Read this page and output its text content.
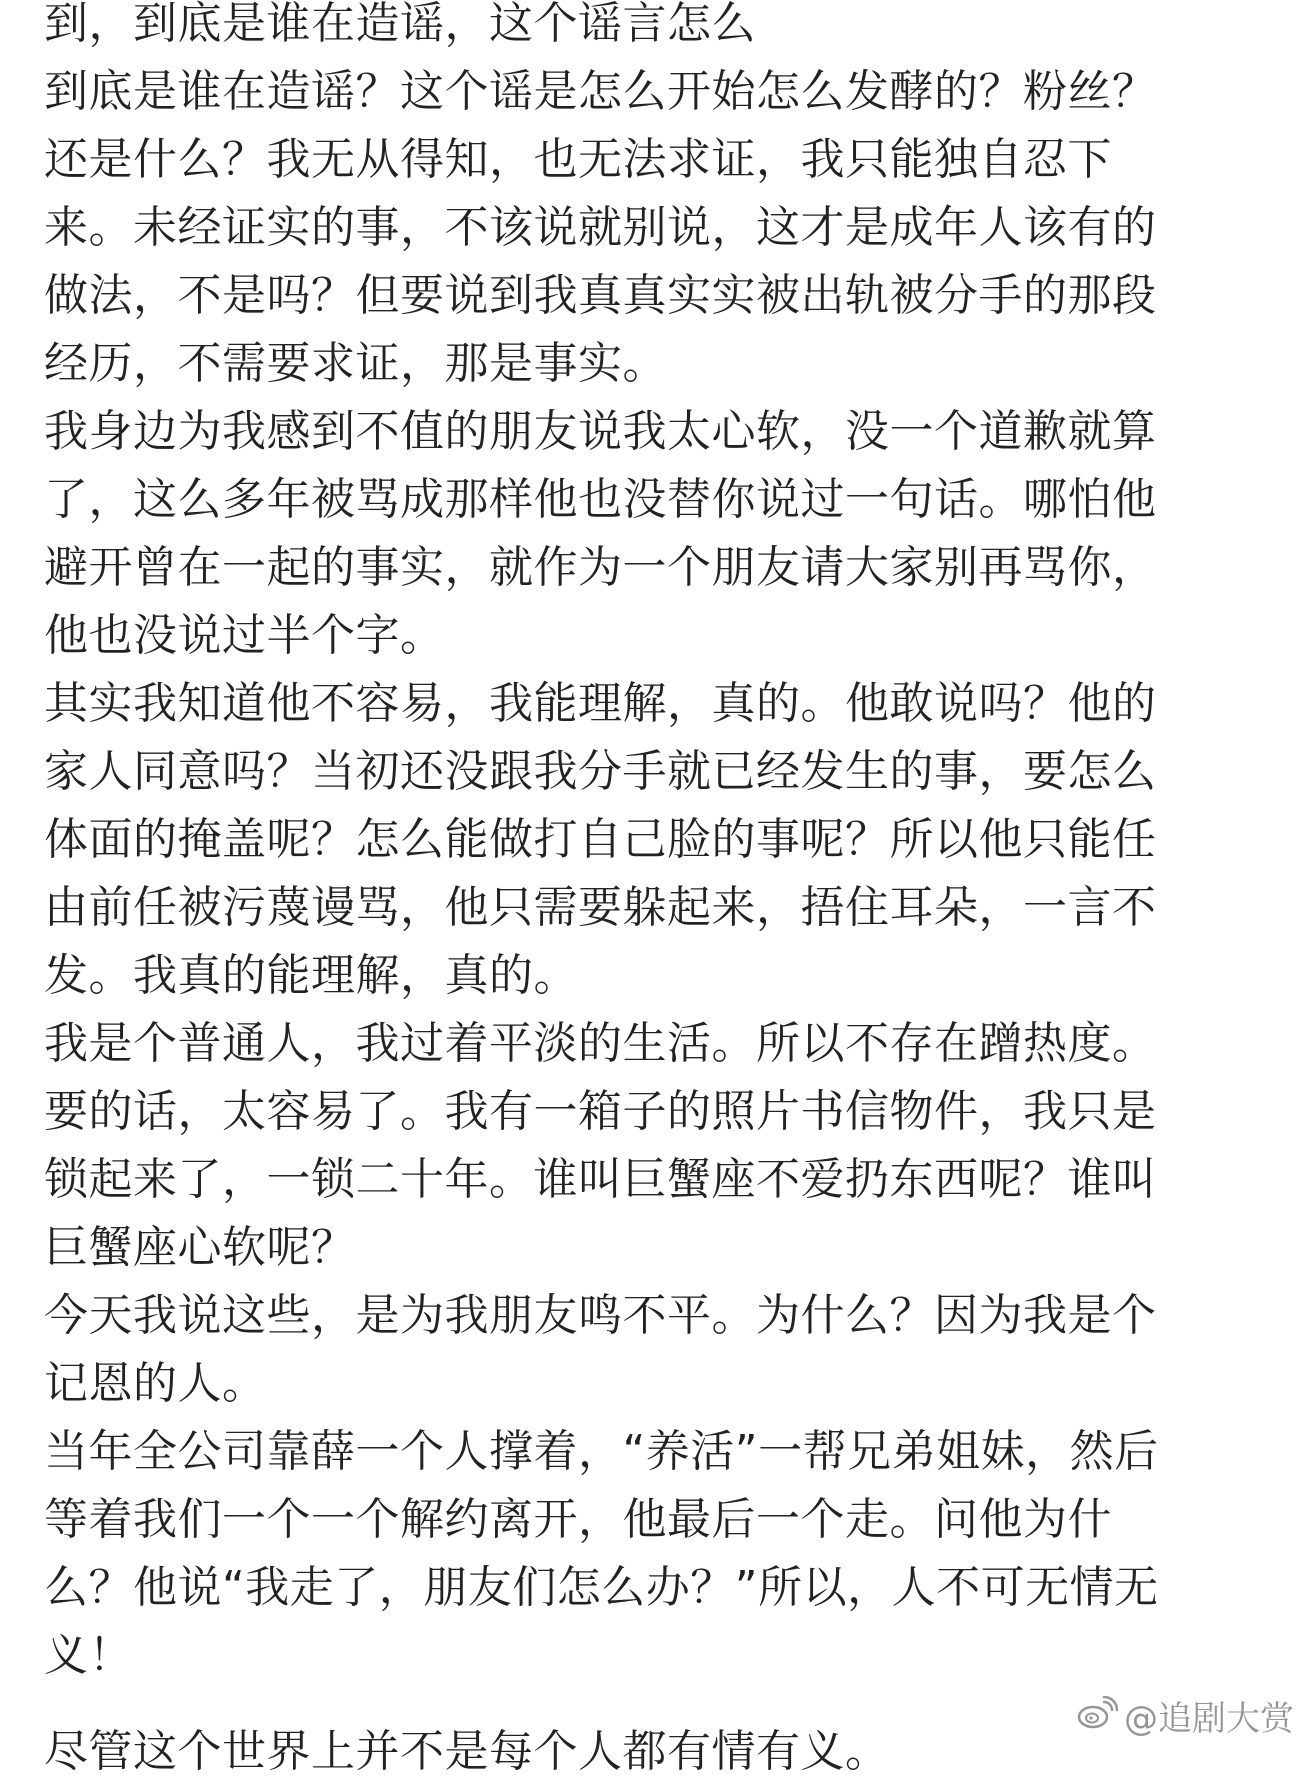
到，到底是谁在造谣，这个谣言怎么
到底是谁在造谣？这个谣是怎么开始怎么发酵的？粉丝？
还是什么？我无从得知，也无法求证，我只能独自忍下
来。未经证实的事，不该说就别说，这才是成年人该有的
做法，不是吗？但要说到我真真实实被出轨被分手的那段
经历，不需要求证，那是事实。
我身边为我感到不值的朋友说我太心软，没一个道歉就算
了，这么多年被骂成那样他也没替你说过一句话。哪怕他
避开曾在一起的事实，就作为一个朋友请大家别再骂你，
他也没说过半个字。
其实我知道他不容易，我能理解，真的。他敢说吗？他的
家人同意吗？当初还没跟我分手就已经发生的事，要怎么
体面的掩盖呢？怎么能做打自己脸的事呢？所以他只能任
由前任被污蔑谩骂，他只需要躲起来，捂住耳朵，一言不
发。我真的能理解，真的。
我是个普通人，我过着平淡的生活。所以不存在蹭热度。
要的话，太容易了。我有一箱子的照片书信物件，我只是
锁起来了，一锁二十年。谁叫巨蟹座不爱扔东西呢？谁叫
巨蟹座心软呢？
今天我说这些，是为我朋友鸣不平。为什么？因为我是个
记恩的人。
当年全公司靠薛一个人撑着，“养活”一帮兄弟姐妹，然后
等着我们一个一个解约离开，他最后一个走。问他为什
么？他说“我走了，朋友们怎么办？”所以，人不可无情无
义！
尽管这个世界上并不是每个人都有情有义。
@追剧大赏
